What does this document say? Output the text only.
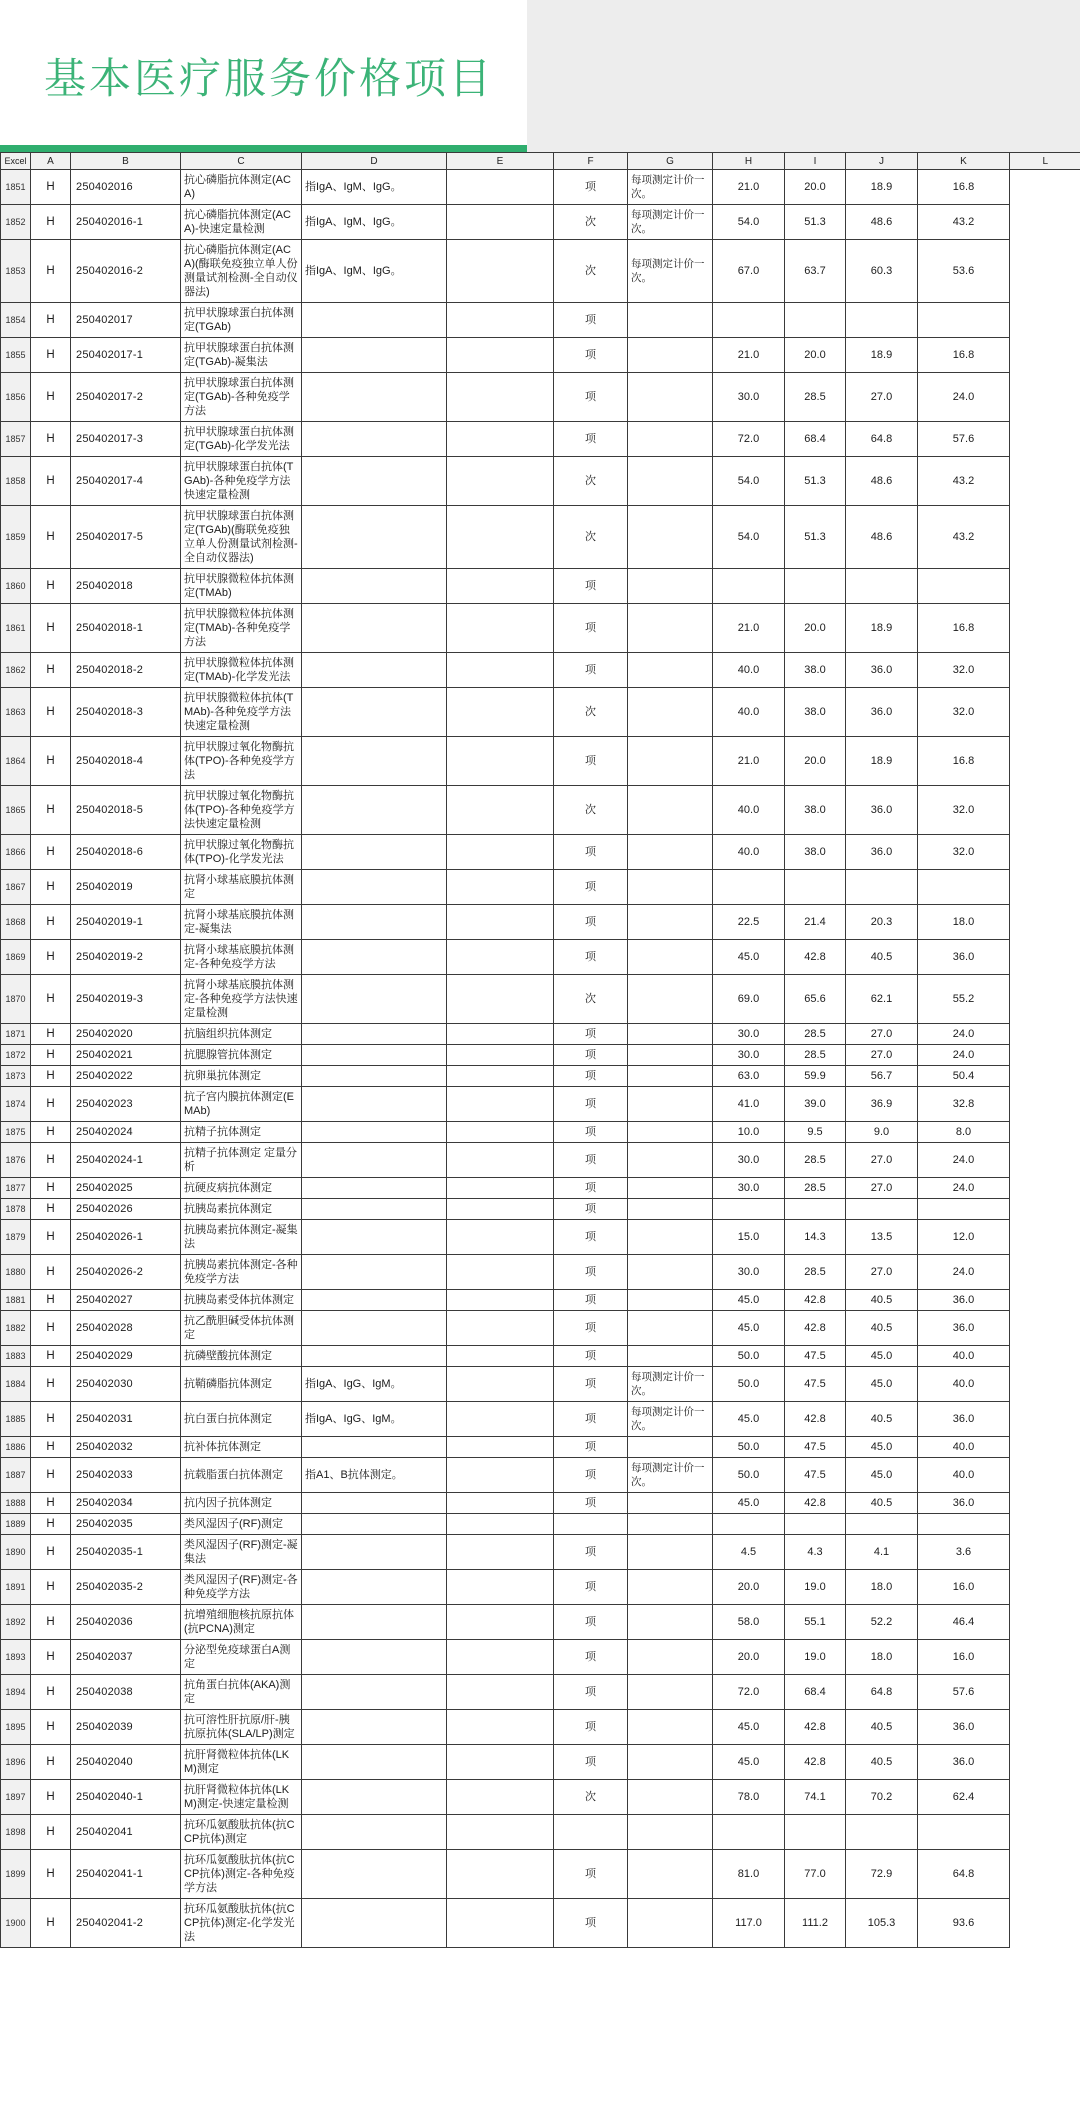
基本医疗服务价格项目
Excel	A	B	C	D	E	F	G	H	I	J	K	L
1851	H	250402016	抗心磷脂抗体测定(ACA)	指IgA、IgM、IgG。		项	每项测定计价一次。	21.0	20.0	18.9	16.8	
1852	H	250402016-1	抗心磷脂抗体测定(ACA)-快速定量检测	指IgA、IgM、IgG。		次	每项测定计价一次。	54.0	51.3	48.6	43.2	
1853	H	250402016-2	抗心磷脂抗体测定(ACA)(酶联免疫独立单人份测量试剂检测-全自动仪器法)	指IgA、IgM、IgG。		次	每项测定计价一次。	67.0	63.7	60.3	53.6	
1854	H	250402017	抗甲状腺球蛋白抗体测定(TGAb)			项						
1855	H	250402017-1	抗甲状腺球蛋白抗体测定(TGAb)-凝集法			项		21.0	20.0	18.9	16.8	
1856	H	250402017-2	抗甲状腺球蛋白抗体测定(TGAb)-各种免疫学方法			项		30.0	28.5	27.0	24.0	
1857	H	250402017-3	抗甲状腺球蛋白抗体测定(TGAb)-化学发光法			项		72.0	68.4	64.8	57.6	
1858	H	250402017-4	抗甲状腺球蛋白抗体(TGAb)-各种免疫学方法快速定量检测			次		54.0	51.3	48.6	43.2	
1859	H	250402017-5	抗甲状腺球蛋白抗体测定(TGAb)(酶联免疫独立单人份测量试剂检测-全自动仪器法)			次		54.0	51.3	48.6	43.2	
1860	H	250402018	抗甲状腺微粒体抗体测定(TMAb)			项						
1861	H	250402018-1	抗甲状腺微粒体抗体测定(TMAb)-各种免疫学方法			项		21.0	20.0	18.9	16.8	
1862	H	250402018-2	抗甲状腺微粒体抗体测定(TMAb)-化学发光法			项		40.0	38.0	36.0	32.0	
1863	H	250402018-3	抗甲状腺微粒体抗体(TMAb)-各种免疫学方法快速定量检测			次		40.0	38.0	36.0	32.0	
1864	H	250402018-4	抗甲状腺过氧化物酶抗体(TPO)-各种免疫学方法			项		21.0	20.0	18.9	16.8	
1865	H	250402018-5	抗甲状腺过氧化物酶抗体(TPO)-各种免疫学方法快速定量检测			次		40.0	38.0	36.0	32.0	
1866	H	250402018-6	抗甲状腺过氧化物酶抗体(TPO)-化学发光法			项		40.0	38.0	36.0	32.0	
1867	H	250402019	抗肾小球基底膜抗体测定			项						
1868	H	250402019-1	抗肾小球基底膜抗体测定-凝集法			项		22.5	21.4	20.3	18.0	
1869	H	250402019-2	抗肾小球基底膜抗体测定-各种免疫学方法			项		45.0	42.8	40.5	36.0	
1870	H	250402019-3	抗肾小球基底膜抗体测定-各种免疫学方法快速定量检测			次		69.0	65.6	62.1	55.2	
1871	H	250402020	抗脑组织抗体测定			项		30.0	28.5	27.0	24.0	
1872	H	250402021	抗腮腺管抗体测定			项		30.0	28.5	27.0	24.0	
1873	H	250402022	抗卵巢抗体测定			项		63.0	59.9	56.7	50.4	
1874	H	250402023	抗子宫内膜抗体测定(EMAb)			项		41.0	39.0	36.9	32.8	
1875	H	250402024	抗精子抗体测定			项		10.0	9.5	9.0	8.0	
1876	H	250402024-1	抗精子抗体测定 定量分析			项		30.0	28.5	27.0	24.0	
1877	H	250402025	抗硬皮病抗体测定			项		30.0	28.5	27.0	24.0	
1878	H	250402026	抗胰岛素抗体测定			项						
1879	H	250402026-1	抗胰岛素抗体测定-凝集法			项		15.0	14.3	13.5	12.0	
1880	H	250402026-2	抗胰岛素抗体测定-各种免疫学方法			项		30.0	28.5	27.0	24.0	
1881	H	250402027	抗胰岛素受体抗体测定			项		45.0	42.8	40.5	36.0	
1882	H	250402028	抗乙酰胆碱受体抗体测定			项		45.0	42.8	40.5	36.0	
1883	H	250402029	抗磷壁酸抗体测定			项		50.0	47.5	45.0	40.0	
1884	H	250402030	抗鞘磷脂抗体测定	指IgA、IgG、IgM。		项	每项测定计价一次。	50.0	47.5	45.0	40.0	
1885	H	250402031	抗白蛋白抗体测定	指IgA、IgG、IgM。		项	每项测定计价一次。	45.0	42.8	40.5	36.0	
1886	H	250402032	抗补体抗体测定			项		50.0	47.5	45.0	40.0	
1887	H	250402033	抗载脂蛋白抗体测定	指A1、B抗体测定。		项	每项测定计价一次。	50.0	47.5	45.0	40.0	
1888	H	250402034	抗内因子抗体测定			项		45.0	42.8	40.5	36.0	
1889	H	250402035	类风湿因子(RF)测定									
1890	H	250402035-1	类风湿因子(RF)测定-凝集法			项		4.5	4.3	4.1	3.6	
1891	H	250402035-2	类风湿因子(RF)测定-各种免疫学方法			项		20.0	19.0	18.0	16.0	
1892	H	250402036	抗增殖细胞核抗原抗体(抗PCNA)测定			项		58.0	55.1	52.2	46.4	
1893	H	250402037	分泌型免疫球蛋白A测定			项		20.0	19.0	18.0	16.0	
1894	H	250402038	抗角蛋白抗体(AKA)测定			项		72.0	68.4	64.8	57.6	
1895	H	250402039	抗可溶性肝抗原/肝-胰抗原抗体(SLA/LP)测定			项		45.0	42.8	40.5	36.0	
1896	H	250402040	抗肝肾微粒体抗体(LKM)测定			项		45.0	42.8	40.5	36.0	
1897	H	250402040-1	抗肝肾微粒体抗体(LKM)测定-快速定量检测			次		78.0	74.1	70.2	62.4	
1898	H	250402041	抗环瓜氨酸肽抗体(抗CCP抗体)测定									
1899	H	250402041-1	抗环瓜氨酸肽抗体(抗CCP抗体)测定-各种免疫学方法			项		81.0	77.0	72.9	64.8	
1900	H	250402041-2	抗环瓜氨酸肽抗体(抗CCP抗体)测定-化学发光法			项		117.0	111.2	105.3	93.6	
